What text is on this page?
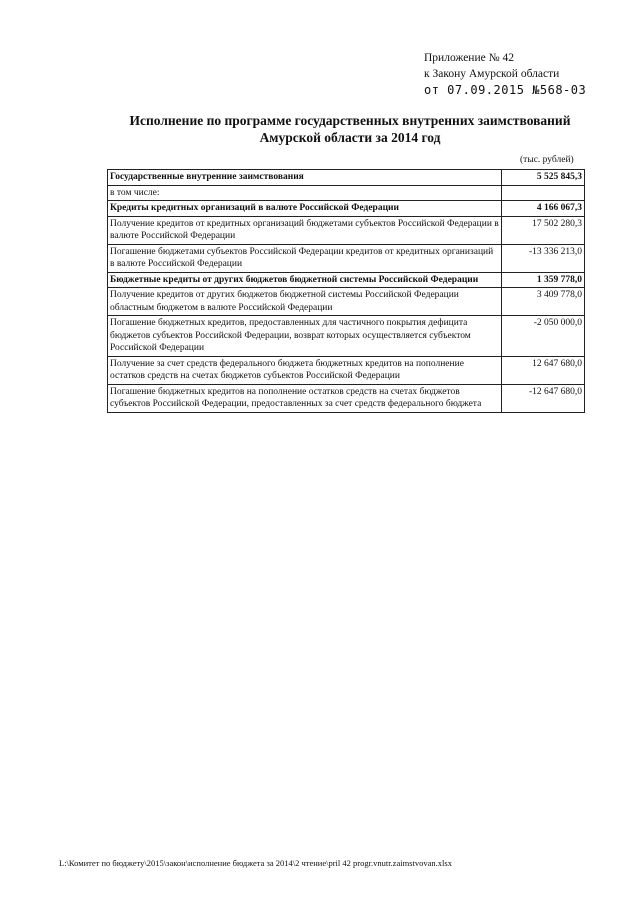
Приложение № 42
к Закону Амурской области
от 07.09.2015 №568-03
Исполнение по программе государственных внутренних заимствований
Амурской области за 2014 год
(тыс. рублей)
Государственные внутренние заимствования	5 525 845,3
в том числе:	
Кредиты кредитных организаций в валюте Российской Федерации	4 166 067,3
Получение кредитов от кредитных организаций бюджетами субъектов Российской Федерации в валюте Российской Федерации	17 502 280,3
Погашение бюджетами субъектов Российской Федерации кредитов от кредитных организаций в валюте Российской Федерации	-13 336 213,0
Бюджетные кредиты от других бюджетов бюджетной системы Российской Федерации	1 359 778,0
Получение кредитов от других бюджетов бюджетной системы Российской Федерации областным бюджетом в валюте Российской Федерации	3 409 778,0
Погашение бюджетных кредитов, предоставленных для частичного покрытия дефицита бюджетов субъектов Российской Федерации, возврат которых осуществляется субъектом Российской Федерации	-2 050 000,0
Получение за счет средств федерального бюджета бюджетных кредитов на пополнение остатков средств на счетах бюджетов субъектов Российской Федерации	12 647 680,0
Погашение бюджетных кредитов на пополнение остатков средств на счетах бюджетов субъектов Российской Федерации, предоставленных за счет средств федерального бюджета	-12 647 680,0
L:\Комитет по бюджету\2015\закон\исполнение бюджета за 2014\2 чтение\pril 42 progr.vnutr.zaimstvovan.xlsx
